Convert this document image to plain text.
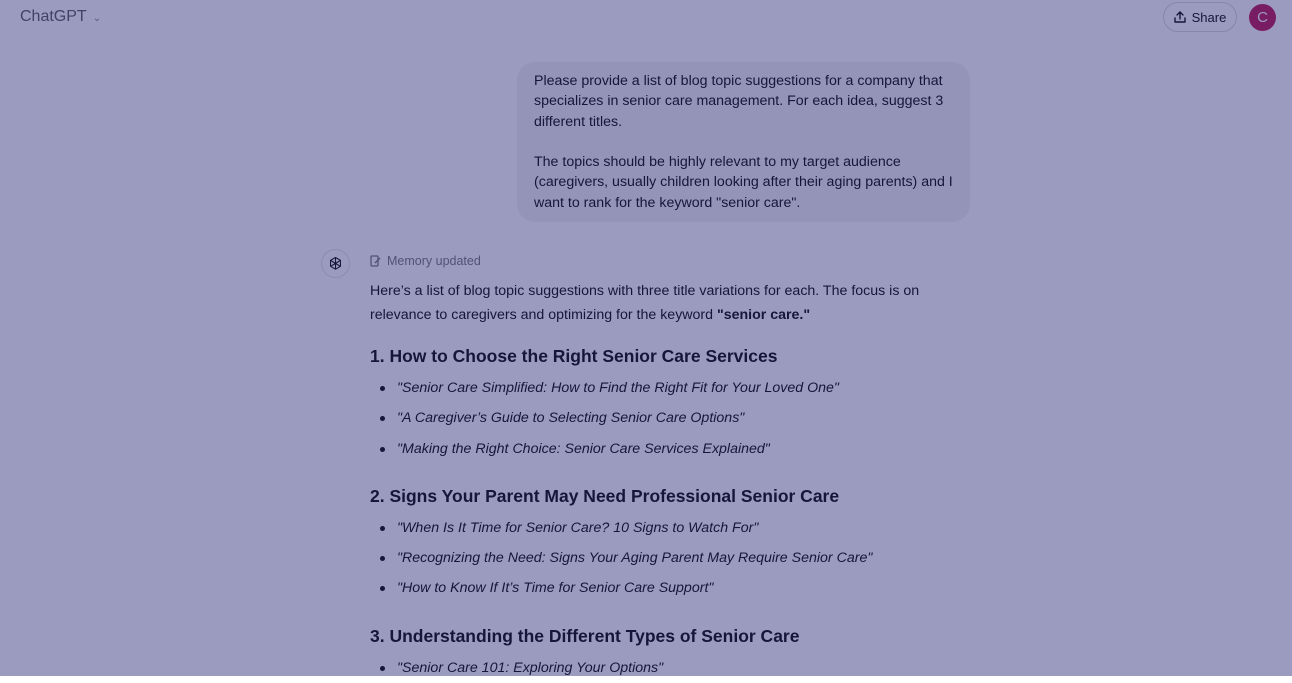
ChatGPT ⌄	Share C

Please provide a list of blog topic suggestions for a company that specializes in senior care management. For each idea, suggest 3 different titles.

The topics should be highly relevant to my target audience (caregivers, usually children looking after their aging parents) and I want to rank for the keyword "senior care".

Memory updated

Here’s a list of blog topic suggestions with three title variations for each. The focus is on relevance to caregivers and optimizing for the keyword "senior care."

1. How to Choose the Right Senior Care Services
"Senior Care Simplified: How to Find the Right Fit for Your Loved One"
"A Caregiver’s Guide to Selecting Senior Care Options"
"Making the Right Choice: Senior Care Services Explained"
2. Signs Your Parent May Need Professional Senior Care
"When Is It Time for Senior Care? 10 Signs to Watch For"
"Recognizing the Need: Signs Your Aging Parent May Require Senior Care"
"How to Know If It’s Time for Senior Care Support"
3. Understanding the Different Types of Senior Care
"Senior Care 101: Exploring Your Options"
